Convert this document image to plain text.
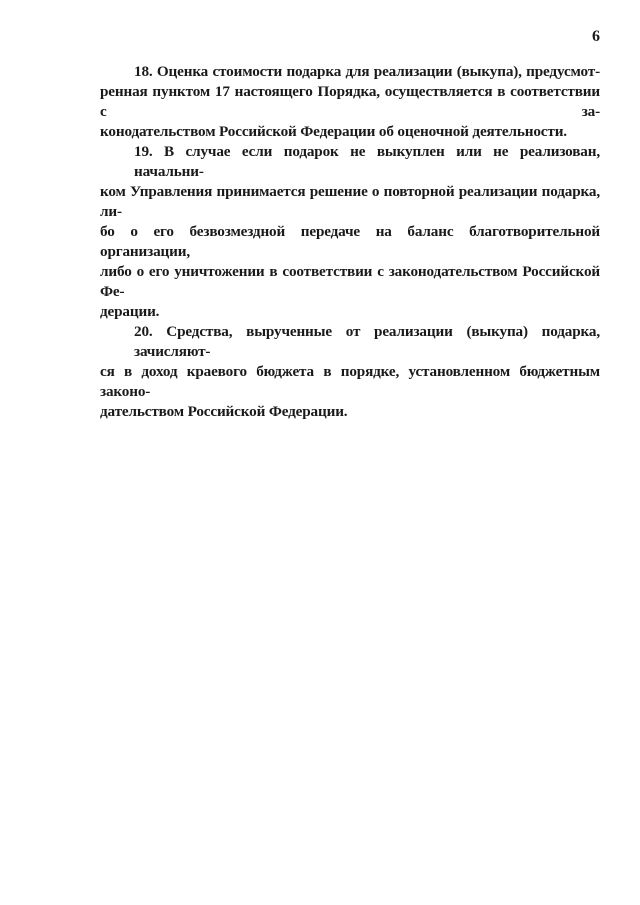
6
18. Оценка стоимости подарка для реализации (выкупа), предусмот-
ренная пунктом 17 настоящего Порядка, осуществляется в соответствии с за-
конодательством Российской Федерации об оценочной деятельности.
19. В случае если подарок не выкуплен или не реализован, начальни-
ком Управления принимается решение о повторной реализации подарка, ли-
бо о его безвозмездной передаче на баланс благотворительной организации,
либо о его уничтожении в соответствии с законодательством Российской Фе-
дерации.
20. Средства, вырученные от реализации (выкупа) подарка, зачисляют-
ся в доход краевого бюджета в порядке, установленном бюджетным законо-
дательством Российской Федерации.
